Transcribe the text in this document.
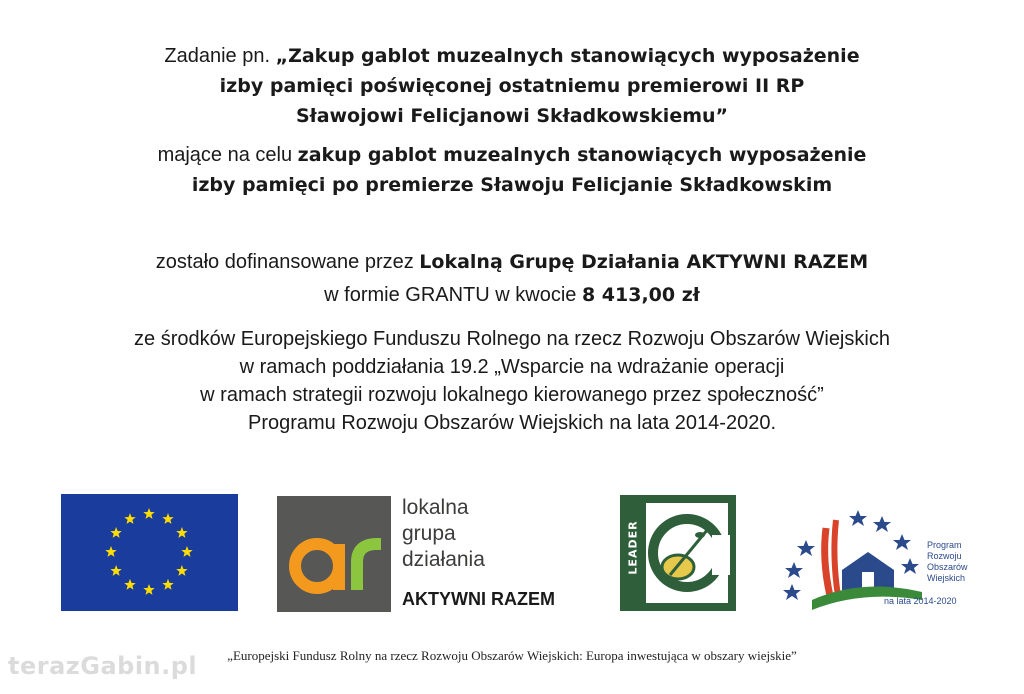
Zadanie pn. „Zakup gablot muzealnych stanowiących wyposażenie
izby pamięci poświęconej ostatniemu premierowi II RP
Sławojowi Felicjanowi Składkowskiemu”
mające na celu zakup gablot muzealnych stanowiących wyposażenie
izby pamięci po premierze Sławoju Felicjanie Składkowskim
zostało dofinansowane przez Lokalną Grupę Działania AKTYWNI RAZEM
w formie GRANTU w kwocie 8 413,00 zł
ze środków Europejskiego Funduszu Rolnego na rzecz Rozwoju Obszarów Wiejskich
w ramach poddziałania 19.2 „Wsparcie na wdrażanie operacji
w ramach strategii rozwoju lokalnego kierowanego przez społeczność”
Programu Rozwoju Obszarów Wiejskich na lata 2014-2020.
lokalna
grupa
działania
AKTYWNI RAZEM
LEADER	Program
Rozwoju
Obszarów
Wiejskich
na lata 2014-2020
„Europejski Fundusz Rolny na rzecz Rozwoju Obszarów Wiejskich: Europa inwestująca w obszary wiejskie”
terazGabin.pl
